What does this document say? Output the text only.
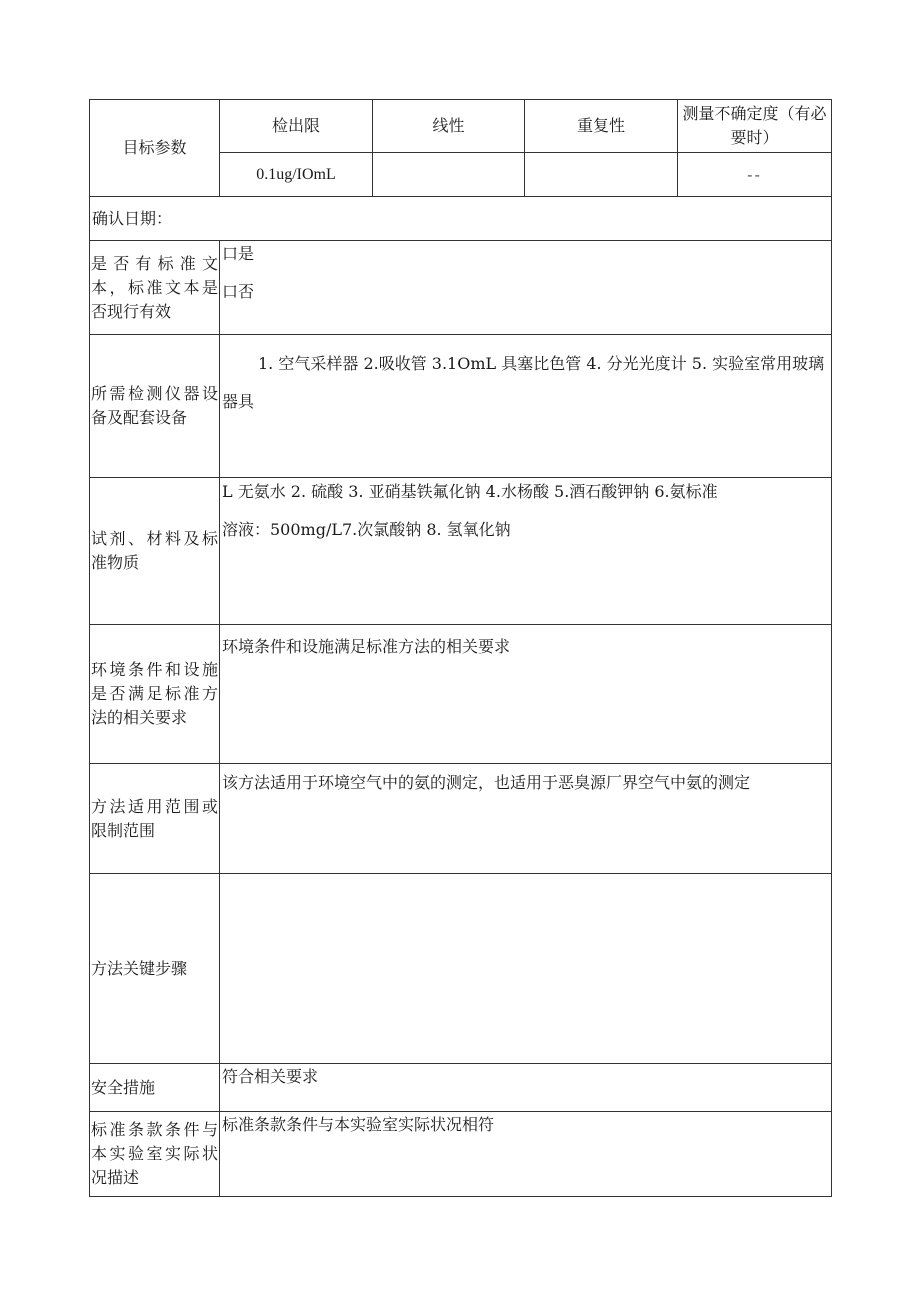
目标参数	检出限	线性	重复性	测量不确定度（有必要时）
	0.1ug/IOmL			--
确认日期：				
是否有标准文本，标准文本是否现行有效	口是
口否			

所需检测仪器设备及配套设备	1. 空气采样器 2.吸收管 3.1OmL 具塞比色管 4. 分光光度计 5. 实验室常用玻璃器具			

试剂、材料及标准物质	L 无氨水 2. 硫酸 3. 亚硝基铁氟化钠 4.水杨酸 5.酒石酸钾钠 6.氨标准
溶液：500mg/L7.次氯酸钠 8. 氢氧化钠			

环境条件和设施是否满足标准方法的相关要求	环境条件和设施满足标准方法的相关要求			

方法适用范围或限制范围	该方法适用于环境空气中的氨的测定，也适用于恶臭源厂界空气中氨的测定			

方法关键步骤				
安全措施	符合相关要求			

标准条款条件与本实验室实际状况描述	标准条款条件与本实验室实际状况相符			
